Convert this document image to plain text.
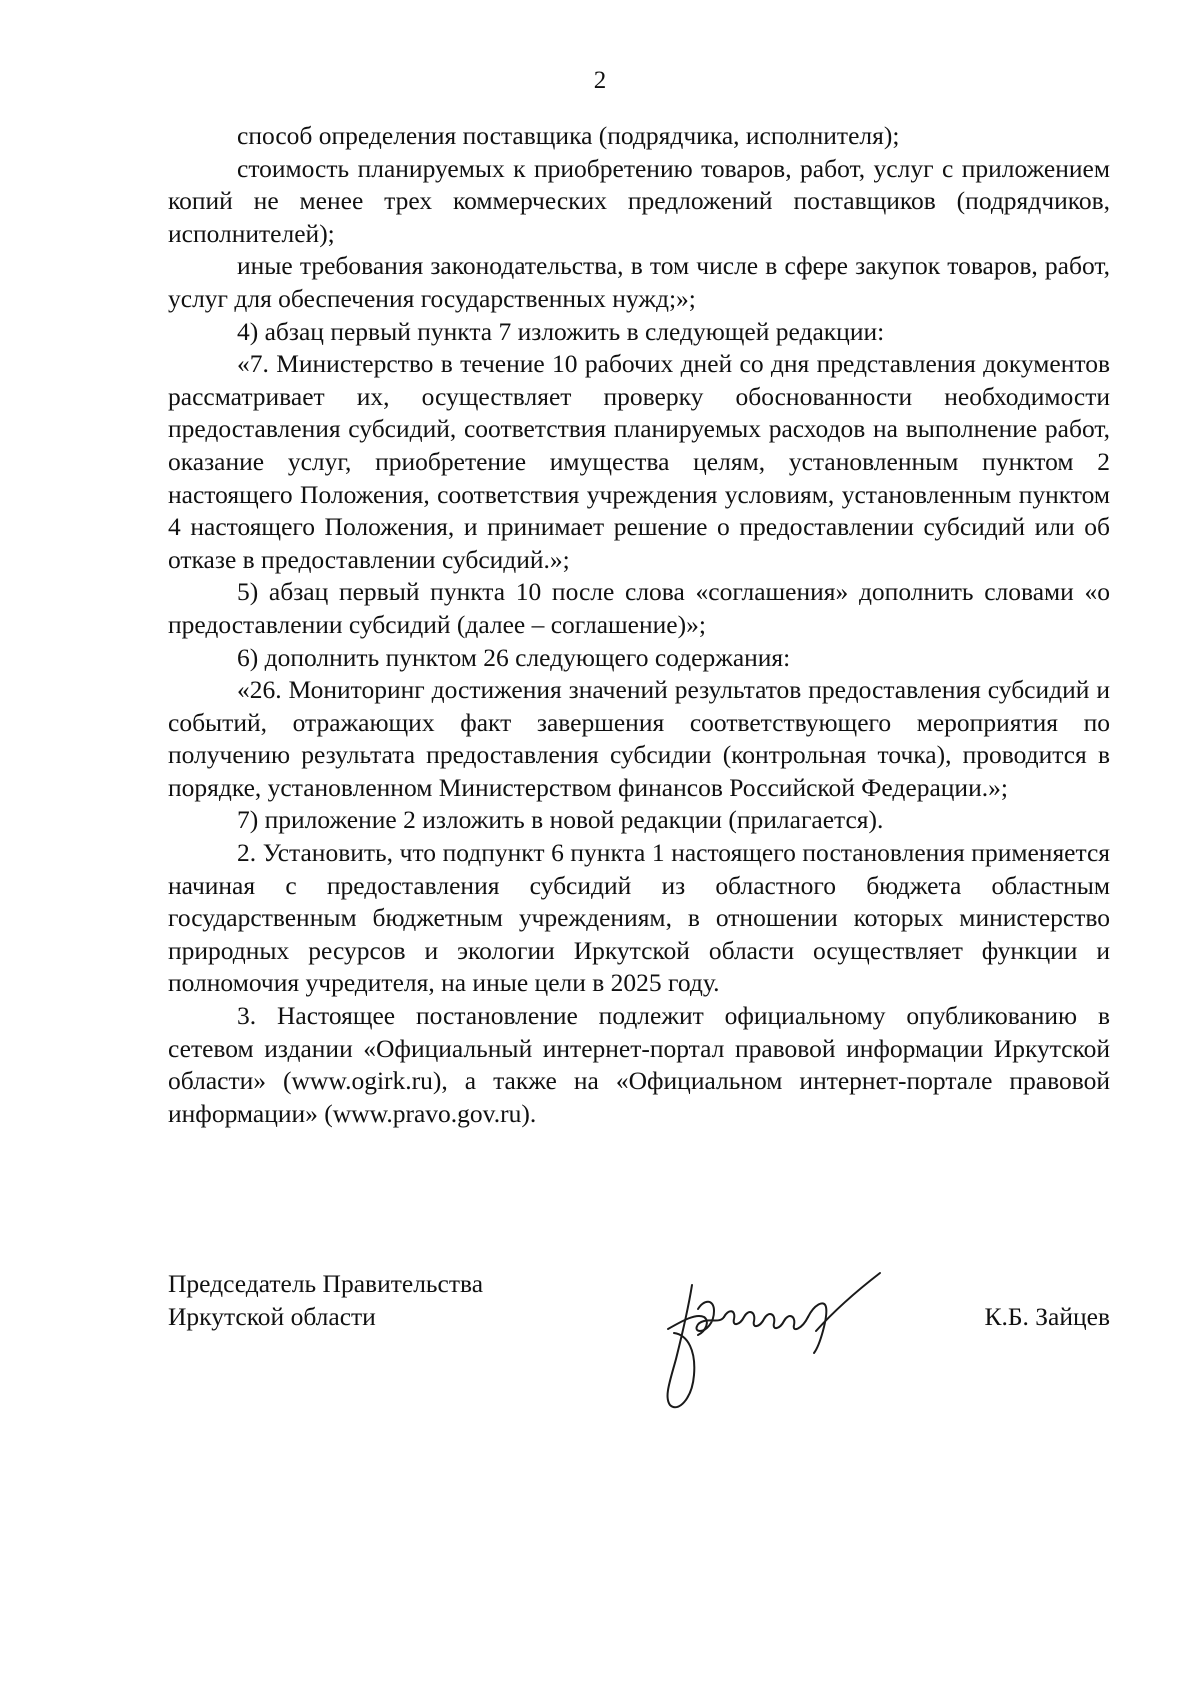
2

способ определения поставщика (подрядчика, исполнителя);

стоимость планируемых к приобретению товаров, работ, услуг с приложением копий не менее трех коммерческих предложений поставщиков (подрядчиков, исполнителей);

иные требования законодательства, в том числе в сфере закупок товаров, работ, услуг для обеспечения государственных нужд;»;

4) абзац первый пункта 7 изложить в следующей редакции:

«7. Министерство в течение 10 рабочих дней со дня представления документов рассматривает их, осуществляет проверку обоснованности необходимости предоставления субсидий, соответствия планируемых расходов на выполнение работ, оказание услуг, приобретение имущества целям, установленным пунктом 2 настоящего Положения, соответствия учреждения условиям, установленным пунктом 4 настоящего Положения, и принимает решение о предоставлении субсидий или об отказе в предоставлении субсидий.»;

5) абзац первый пункта 10 после слова «соглашения» дополнить словами «о предоставлении субсидий (далее – соглашение)»;

6) дополнить пунктом 26 следующего содержания:

«26. Мониторинг достижения значений результатов предоставления субсидий и событий, отражающих факт завершения соответствующего мероприятия по получению результата предоставления субсидии (контрольная точка), проводится в порядке, установленном Министерством финансов Российской Федерации.»;

7) приложение 2 изложить в новой редакции (прилагается).

2. Установить, что подпункт 6 пункта 1 настоящего постановления применяется начиная с предоставления субсидий из областного бюджета областным государственным бюджетным учреждениям, в отношении которых министерство природных ресурсов и экологии Иркутской области осуществляет функции и полномочия учредителя, на иные цели в 2025 году.

3. Настоящее постановление подлежит официальному опубликованию в сетевом издании «Официальный интернет-портал правовой информации Иркутской области» (www.ogirk.ru), а также на «Официальном интернет-портале правовой информации» (www.pravo.gov.ru).

Председатель Правительства
Иркутской области	К.Б. Зайцев
